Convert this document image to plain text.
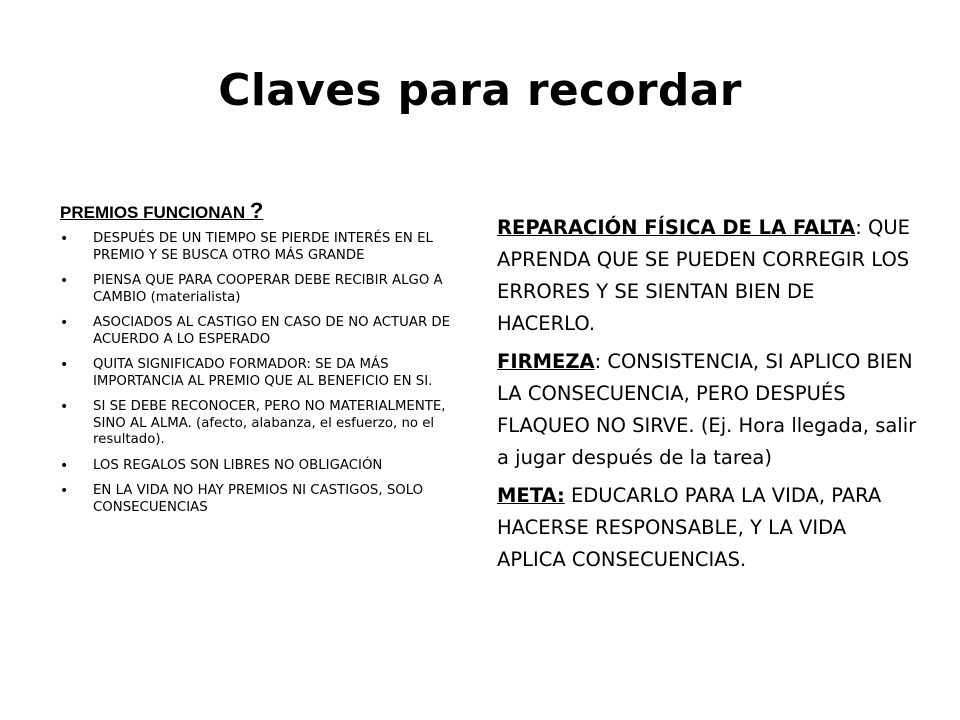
Claves para recordar
PREMIOS FUNCIONAN ?
• DESPUÉS DE UN TIEMPO SE PIERDE INTERÉS EN EL PREMIO Y SE BUSCA OTRO MÁS GRANDE
• PIENSA QUE PARA COOPERAR DEBE RECIBIR ALGO A CAMBIO (materialista)
• ASOCIADOS AL CASTIGO EN CASO DE NO ACTUAR DE ACUERDO A LO ESPERADO
• QUITA SIGNIFICADO FORMADOR: SE DA MÁS IMPORTANCIA AL PREMIO QUE AL BENEFICIO EN SI.
• SI SE DEBE RECONOCER, PERO NO MATERIALMENTE, SINO AL ALMA. (afecto, alabanza, el esfuerzo, no el resultado).
• LOS REGALOS SON LIBRES NO OBLIGACIÓN
• EN LA VIDA NO HAY PREMIOS NI CASTIGOS, SOLO CONSECUENCIAS

REPARACIÓN FÍSICA DE LA FALTA: QUE APRENDA QUE SE PUEDEN CORREGIR LOS ERRORES Y SE SIENTAN BIEN DE HACERLO.

FIRMEZA: CONSISTENCIA, SI APLICO BIEN LA CONSECUENCIA, PERO DESPUÉS FLAQUEO NO SIRVE. (Ej. Hora llegada, salir a jugar después de la tarea)

META: EDUCARLO PARA LA VIDA, PARA HACERSE RESPONSABLE, Y LA VIDA APLICA CONSECUENCIAS.
